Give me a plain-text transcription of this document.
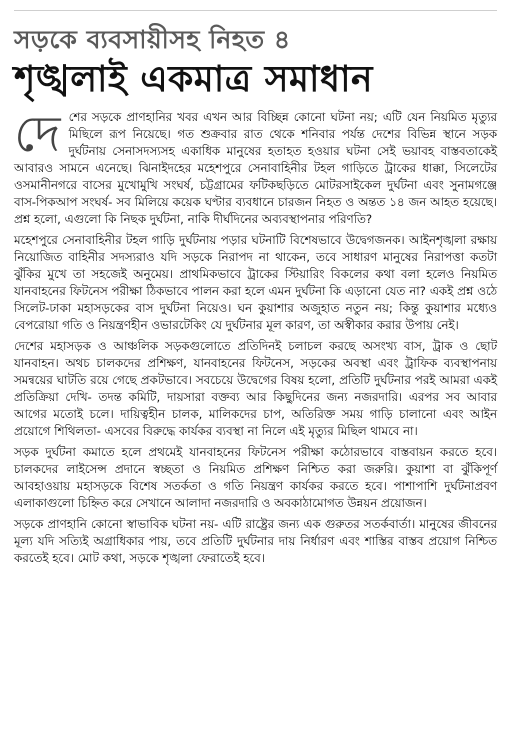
সড়কে ব্যবসায়ীসহ নিহত ৪
শৃঙ্খলাই একমাত্র সমাধান

দে শের সড়কে প্রাণহানির খবর এখন আর বিচ্ছিন্ন কোনো ঘটনা নয়; এটি যেন নিয়মিত মৃত্যুর মিছিলে রূপ নিয়েছে। গত শুক্রবার রাত থেকে শনিবার পর্যন্ত দেশের বিভিন্ন স্থানে সড়ক দুর্ঘটনায় সেনাসদস্যসহ একাধিক মানুষের হতাহত হওয়ার ঘটনা সেই ভয়াবহ বাস্তবতাকেই আবারও সামনে এনেছে। ঝিনাইদহের মহেশপুরে সেনাবাহিনীর টহল গাড়িতে ট্রাকের ধাক্কা, সিলেটের ওসমানীনগরে বাসের মুখোমুখি সংঘর্ষ, চট্টগ্রামের ফটিকছড়িতে মোটরসাইকেল দুর্ঘটনা এবং সুনামগঞ্জে বাস-পিকআপ সংঘর্ষ- সব মিলিয়ে কয়েক ঘণ্টার ব্যবধানে চারজন নিহত ও অন্তত ১৪ জন আহত হয়েছে। প্রশ্ন হলো, এগুলো কি নিছক দুর্ঘটনা, নাকি দীর্ঘদিনের অব্যবস্থাপনার পরিণতি?

মহেশপুরে সেনাবাহিনীর টহল গাড়ি দুর্ঘটনায় পড়ার ঘটনাটি বিশেষভাবে উদ্বেগজনক। আইনশৃঙ্খলা রক্ষায় নিয়োজিত বাহিনীর সদস্যরাও যদি সড়কে নিরাপদ না থাকেন, তবে সাধারণ মানুষের নিরাপত্তা কতটা ঝুঁকির মুখে তা সহজেই অনুমেয়। প্রাথমিকভাবে ট্রাকের স্টিয়ারিং বিকলের কথা বলা হলেও নিয়মিত যানবাহনের ফিটনেস পরীক্ষা ঠিকভাবে পালন করা হলে এমন দুর্ঘটনা কি এড়ানো যেত না? একই প্রশ্ন ওঠে সিলেট-ঢাকা মহাসড়কের বাস দুর্ঘটনা নিয়েও। ঘন কুয়াশার অজুহাত নতুন নয়; কিন্তু কুয়াশার মধ্যেও বেপরোয়া গতি ও নিয়ন্ত্রণহীন ওভারটেকিং যে দুর্ঘটনার মূল কারণ, তা অস্বীকার করার উপায় নেই।

দেশের মহাসড়ক ও আঞ্চলিক সড়কগুলোতে প্রতিদিনই চলাচল করছে অসংখ্য বাস, ট্রাক ও ছোট যানবাহন। অথচ চালকদের প্রশিক্ষণ, যানবাহনের ফিটনেস, সড়কের অবস্থা এবং ট্রাফিক ব্যবস্থাপনায় সমন্বয়ের ঘাটতি রয়ে গেছে প্রকটভাবে। সবচেয়ে উদ্বেগের বিষয় হলো, প্রতিটি দুর্ঘটনার পরই আমরা একই প্রতিক্রিয়া দেখি- তদন্ত কমিটি, দায়সারা বক্তব্য আর কিছুদিনের জন্য নজরদারি। এরপর সব আবার আগের মতোই চলে। দায়িত্বহীন চালক, মালিকদের চাপ, অতিরিক্ত সময় গাড়ি চালানো এবং আইন প্রয়োগে শিথিলতা- এসবের বিরুদ্ধে কার্যকর ব্যবস্থা না নিলে এই মৃত্যুর মিছিল থামবে না।

সড়ক দুর্ঘটনা কমাতে হলে প্রথমেই যানবাহনের ফিটনেস পরীক্ষা কঠোরভাবে বাস্তবায়ন করতে হবে। চালকদের লাইসেন্স প্রদানে স্বচ্ছতা ও নিয়মিত প্রশিক্ষণ নিশ্চিত করা জরুরি। কুয়াশা বা ঝুঁকিপূর্ণ আবহাওয়ায় মহাসড়কে বিশেষ সতর্কতা ও গতি নিয়ন্ত্রণ কার্যকর করতে হবে। পাশাপাশি দুর্ঘটনাপ্রবণ এলাকাগুলো চিহ্নিত করে সেখানে আলাদা নজরদারি ও অবকাঠামোগত উন্নয়ন প্রয়োজন।

সড়কে প্রাণহানি কোনো স্বাভাবিক ঘটনা নয়- এটি রাষ্ট্রের জন্য এক গুরুতর সতর্কবার্তা। মানুষের জীবনের মূল্য যদি সত্যিই অগ্রাধিকার পায়, তবে প্রতিটি দুর্ঘটনার দায় নির্ধারণ এবং শাস্তির বাস্তব প্রয়োগ নিশ্চিত করতেই হবে। মোট কথা, সড়কে শৃঙ্খলা ফেরাতেই হবে।
